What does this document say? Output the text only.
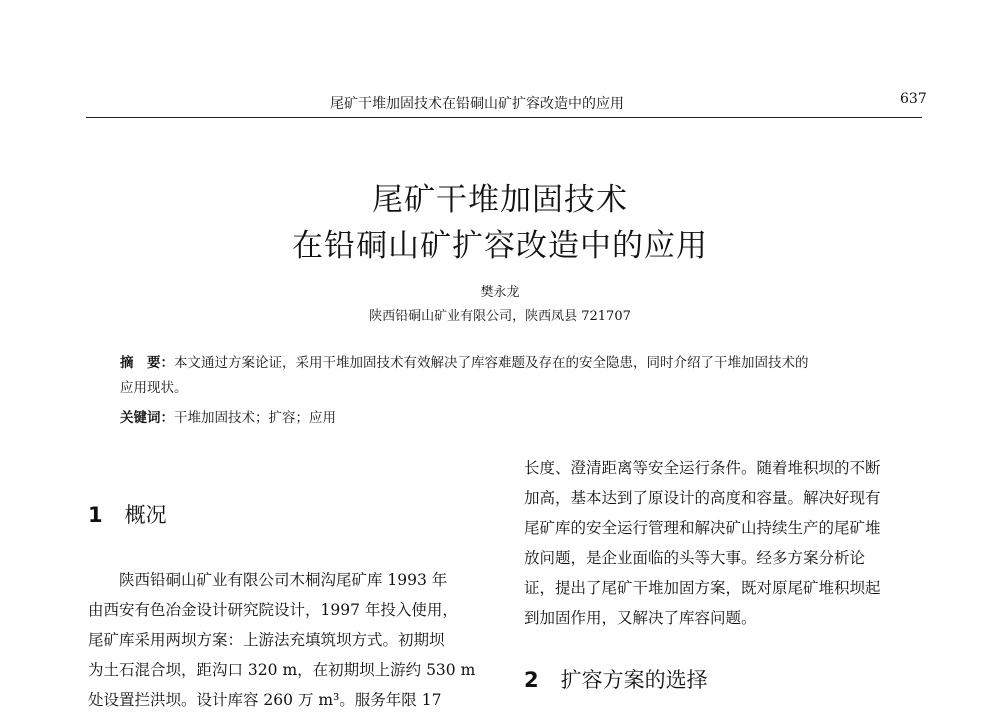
尾矿干堆加固技术在铅硐山矿扩容改造中的应用	637
尾矿干堆加固技术
在铅硐山矿扩容改造中的应用
樊永龙
陕西铅硐山矿业有限公司，陕西凤县 721707
摘　要：本文通过方案论证，采用干堆加固技术有效解决了库容难题及存在的安全隐患，同时介绍了干堆加固技术的
应用现状。
关键词：干堆加固技术；扩容；应用
1 概况
陕西铅硐山矿业有限公司木桐沟尾矿库 1993 年
由西安有色冶金设计研究院设计，1997 年投入使用，
尾矿库采用两坝方案：上游法充填筑坝方式。初期坝
为土石混合坝，距沟口 320 m，在初期坝上游约 530 m
处设置拦洪坝。设计库容 260 万 m³。服务年限 17
长度、澄清距离等安全运行条件。随着堆积坝的不断
加高，基本达到了原设计的高度和容量。解决好现有
尾矿库的安全运行管理和解决矿山持续生产的尾矿堆
放问题，是企业面临的头等大事。经多方案分析论
证，提出了尾矿干堆加固方案，既对原尾矿堆积坝起
到加固作用，又解决了库容问题。
2 扩容方案的选择
